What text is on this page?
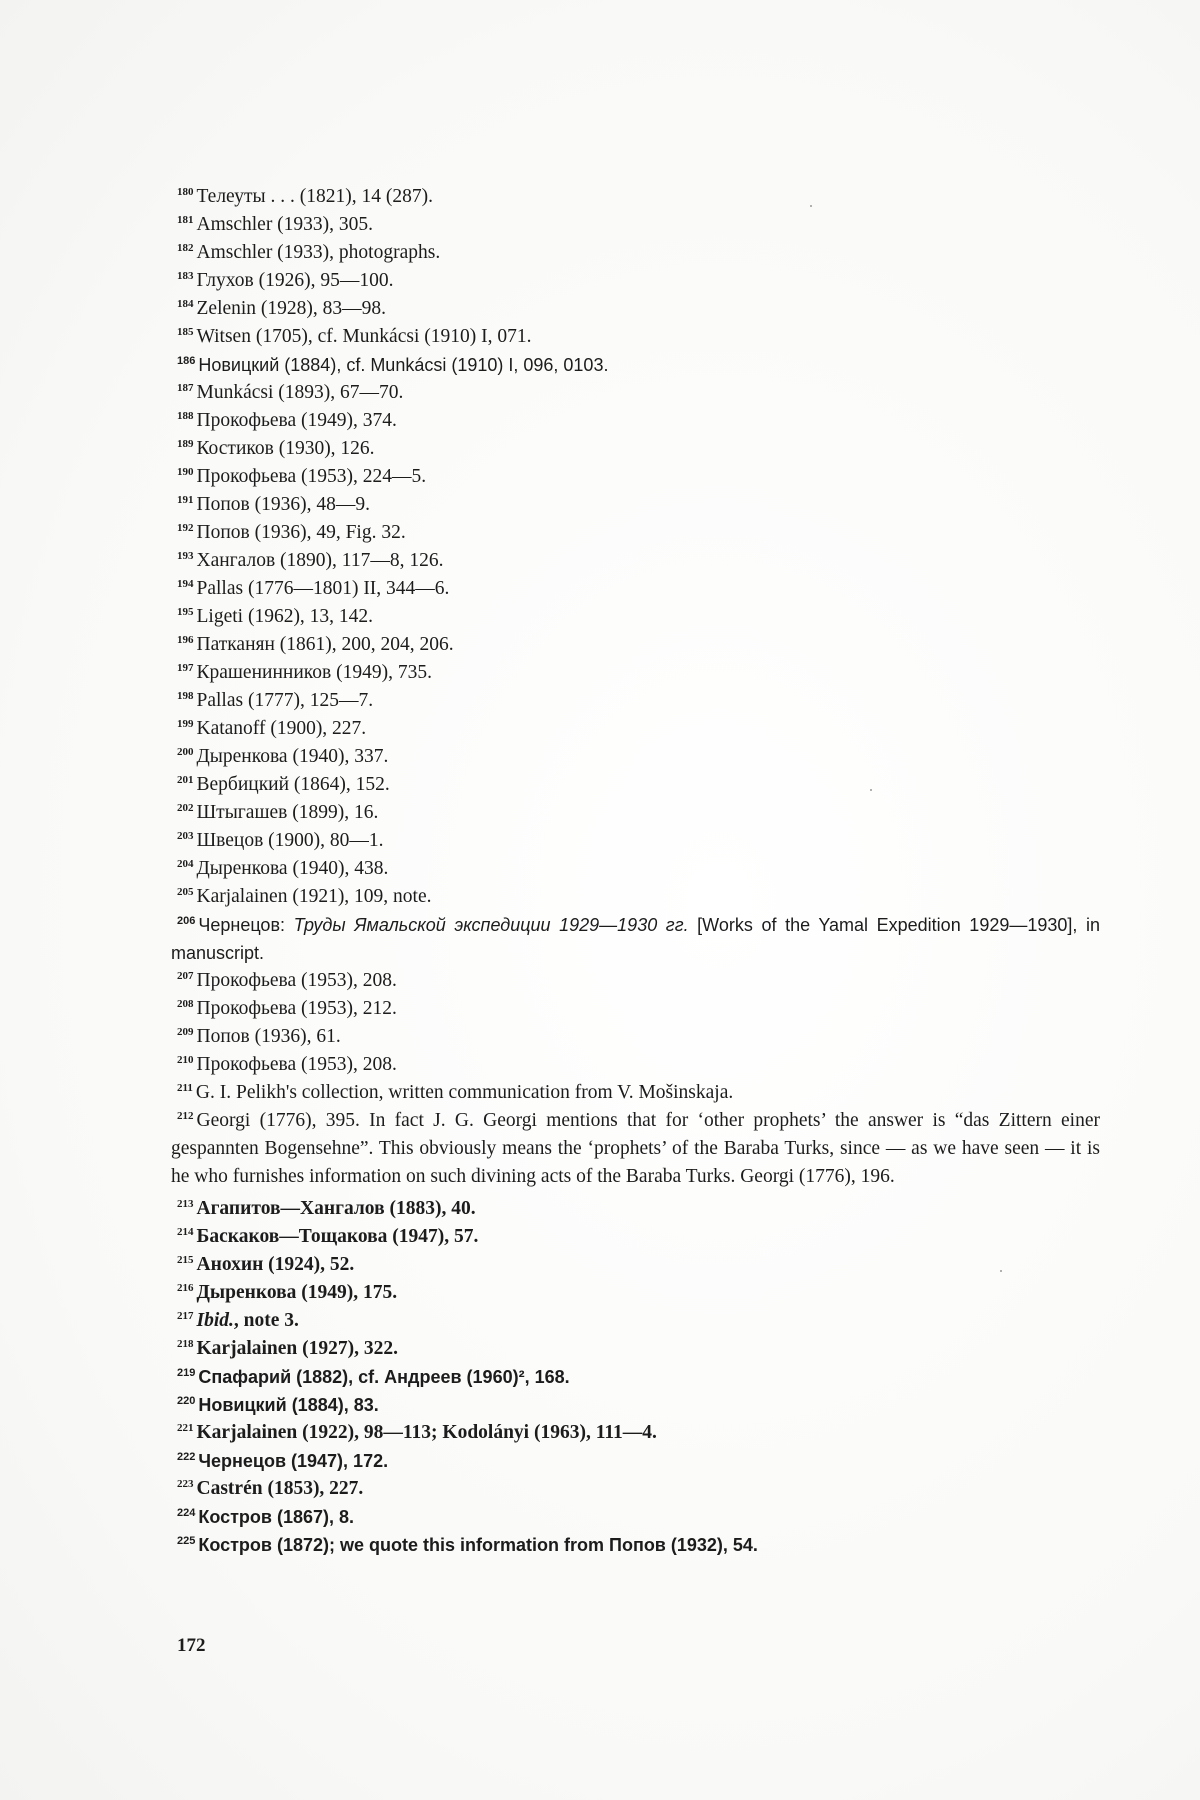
$^{180}$ Телеуты . . . (1821), 14 (287).
$^{181}$ Amschler (1933), 305.
$^{182}$ Amschler (1933), photographs.
$^{183}$ Глухов (1926), 95—100.
$^{184}$ Zelenin (1928), 83—98.
$^{185}$ Witsen (1705), cf. Munkácsi (1910) I, 071.
$^{186}$ Новицкий (1884), cf. Munkácsi (1910) I, 096, 0103.
$^{187}$ Munkácsi (1893), 67—70.
$^{188}$ Прокофьева (1949), 374.
$^{189}$ Костиков (1930), 126.
$^{190}$ Прокофьева (1953), 224—5.
$^{191}$ Попов (1936), 48—9.
$^{192}$ Попов (1936), 49, Fig. 32.
$^{193}$ Хангалов (1890), 117—8, 126.
$^{194}$ Pallas (1776—1801) II, 344—6.
$^{195}$ Ligeti (1962), 13, 142.
$^{196}$ Патканян (1861), 200, 204, 206.
$^{197}$ Крашенинников (1949), 735.
$^{198}$ Pallas (1777), 125—7.
$^{199}$ Katanoff (1900), 227.
$^{200}$ Дыренкова (1940), 337.
$^{201}$ Вербицкий (1864), 152.
$^{202}$ Штыгашев (1899), 16.
$^{203}$ Швецов (1900), 80—1.
$^{204}$ Дыренкова (1940), 438.
$^{205}$ Karjalainen (1921), 109, note.
$^{206}$ Чернецов: Труды Ямальской экспедиции 1929—1930 гг. [Works of the Yamal Expedition 1929—1930], in manuscript.
$^{207}$ Прокофьева (1953), 208.
$^{208}$ Прокофьева (1953), 212.
$^{209}$ Попов (1936), 61.
$^{210}$ Прокофьева (1953), 208.
$^{211}$ G. I. Pelikh's collection, written communication from V. Mošinskaja.
$^{212}$ Georgi (1776), 395. In fact J. G. Georgi mentions that for ‘other prophets’ the answer is “das Zittern einer gespannten Bogensehne”. This obviously means the ‘prophets’ of the Baraba Turks, since — as we have seen — it is he who furnishes information on such divining acts of the Baraba Turks. Georgi (1776), 196.
$^{213}$ Агапитов—Хангалов (1883), 40.
$^{214}$ Баскаков—Тощакова (1947), 57.
$^{215}$ Анохин (1924), 52.
$^{216}$ Дыренкова (1949), 175.
$^{217}$ Ibid., note 3.
$^{218}$ Karjalainen (1927), 322.
$^{219}$ Спафарий (1882), cf. Андреев (1960)², 168.
$^{220}$ Новицкий (1884), 83.
$^{221}$ Karjalainen (1922), 98—113; Kodolányi (1963), 111—4.
$^{222}$ Чернецов (1947), 172.
$^{223}$ Castrén (1853), 227.
$^{224}$ Костров (1867), 8.
$^{225}$ Костров (1872); we quote this information from Попов (1932), 54.
172
